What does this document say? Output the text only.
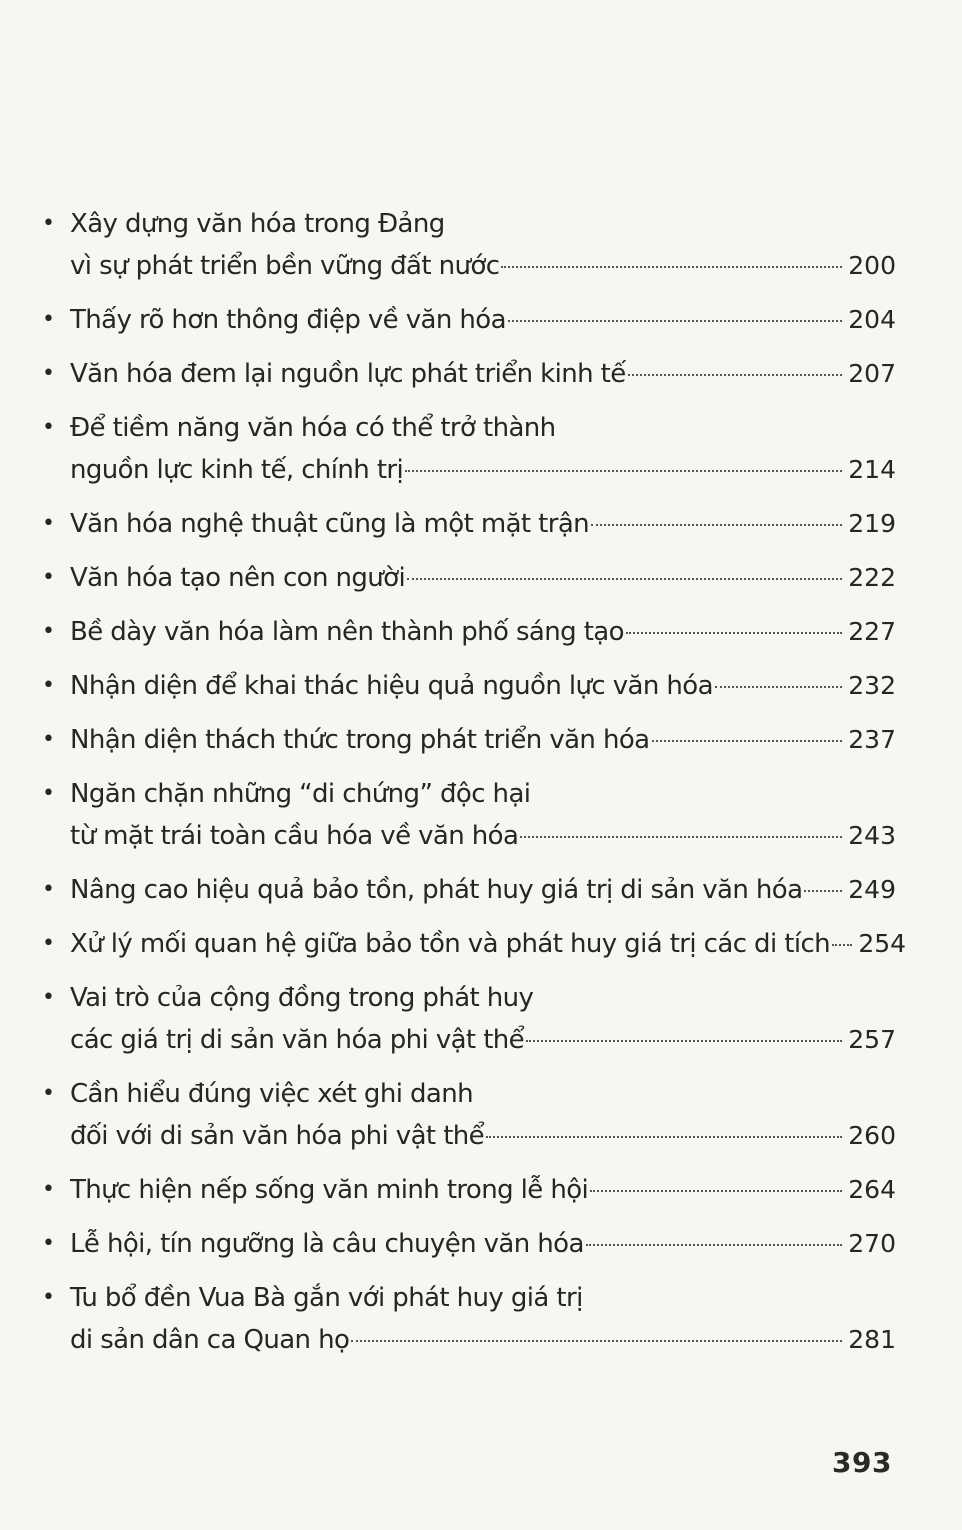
• Xây dựng văn hóa trong Đảng
vì sự phát triển bền vững đất nước	200
• Thấy rõ hơn thông điệp về văn hóa	204
• Văn hóa đem lại nguồn lực phát triển kinh tế	207
• Để tiềm năng văn hóa có thể trở thành
nguồn lực kinh tế, chính trị	214
• Văn hóa nghệ thuật cũng là một mặt trận	219
• Văn hóa tạo nên con người	222
• Bề dày văn hóa làm nên thành phố sáng tạo	227
• Nhận diện để khai thác hiệu quả nguồn lực văn hóa	232
• Nhận diện thách thức trong phát triển văn hóa	237
• Ngăn chặn những “di chứng” độc hại
từ mặt trái toàn cầu hóa về văn hóa	243
• Nâng cao hiệu quả bảo tồn, phát huy giá trị di sản văn hóa 249
• Xử lý mối quan hệ giữa bảo tồn và phát huy giá trị các di tích 254
• Vai trò của cộng đồng trong phát huy
các giá trị di sản văn hóa phi vật thể	257
• Cần hiểu đúng việc xét ghi danh
đối với di sản văn hóa phi vật thể	260
• Thực hiện nếp sống văn minh trong lễ hội	264
• Lễ hội, tín ngưỡng là câu chuyện văn hóa	270
• Tu bổ đền Vua Bà gắn với phát huy giá trị
di sản dân ca Quan họ	281
393
